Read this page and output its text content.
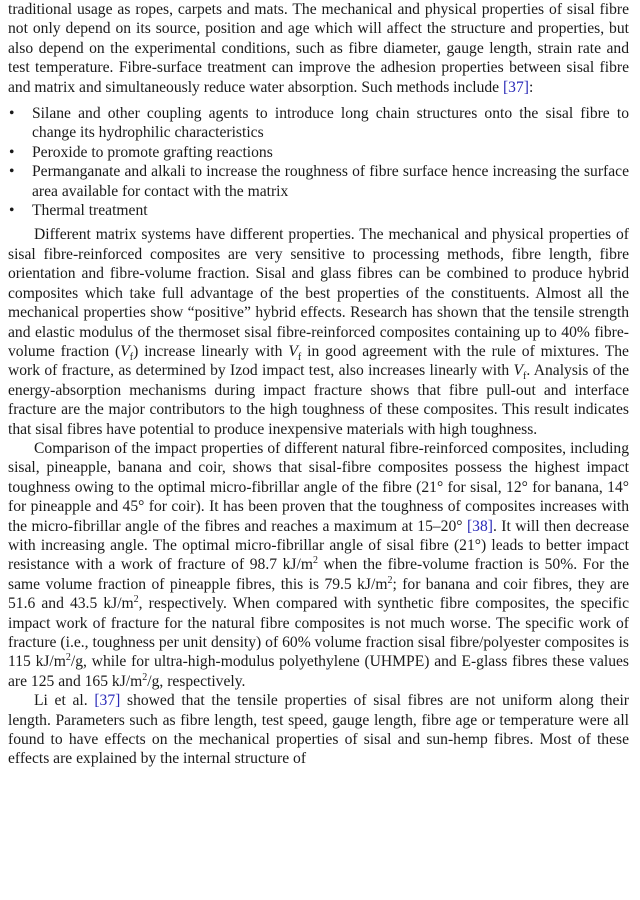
traditional usage as ropes, carpets and mats. The mechanical and physical properties of sisal fibre not only depend on its source, position and age which will affect the structure and properties, but also depend on the experimental conditions, such as fibre diameter, gauge length, strain rate and test temperature. Fibre-surface treatment can improve the adhesion properties between sisal fibre and matrix and simultaneously reduce water absorption. Such methods include [37]:

• Silane and other coupling agents to introduce long chain structures onto the sisal fibre to change its hydrophilic characteristics
• Peroxide to promote grafting reactions
• Permanganate and alkali to increase the roughness of fibre surface hence increasing the surface area available for contact with the matrix
• Thermal treatment

Different matrix systems have different properties. The mechanical and physical properties of sisal fibre-reinforced composites are very sensitive to processing methods, fibre length, fibre orientation and fibre-volume fraction. Sisal and glass fibres can be combined to produce hybrid composites which take full advantage of the best properties of the constituents. Almost all the mechanical properties show “positive” hybrid effects. Research has shown that the tensile strength and elastic modulus of the thermoset sisal fibre-reinforced composites containing up to 40% fibre-volume fraction $(V_f)$ increase linearly with $V_f$ in good agreement with the rule of mixtures. The work of fracture, as determined by Izod impact test, also increases linearly with $V_f$. Analysis of the energy-absorption mechanisms during impact fracture shows that fibre pull-out and interface fracture are the major contributors to the high toughness of these composites. This result indicates that sisal fibres have potential to produce inexpensive materials with high toughness.

Comparison of the impact properties of different natural fibre-reinforced composites, including sisal, pineapple, banana and coir, shows that sisal-fibre composites possess the highest impact toughness owing to the optimal micro-fibrillar angle of the fibre (21° for sisal, 12° for banana, 14° for pineapple and 45° for coir). It has been proven that the toughness of composites increases with the micro-fibrillar angle of the fibres and reaches a maximum at 15–20° [38]. It will then decrease with increasing angle. The optimal micro-fibrillar angle of sisal fibre (21°) leads to better impact resistance with a work of fracture of 98.7 $kJ/m^2$ when the fibre-volume fraction is 50%. For the same volume fraction of pineapple fibres, this is 79.5 $kJ/m^2$; for banana and coir fibres, they are 51.6 and 43.5 $kJ/m^2$, respectively. When compared with synthetic fibre composites, the specific impact work of fracture for the natural fibre composites is not much worse. The specific work of fracture (i.e., toughness per unit density) of 60% volume fraction sisal fibre/polyester composites is 115 $kJ/m^2/g$, while for ultra-high-modulus polyethylene (UHMPE) and E-glass fibres these values are 125 and 165 $kJ/m^2/g$, respectively.

Li et al. [37] showed that the tensile properties of sisal fibres are not uniform along their length. Parameters such as fibre length, test speed, gauge length, fibre age or temperature were all found to have effects on the mechanical properties of sisal and sun-hemp fibres. Most of these effects are explained by the internal structure of
